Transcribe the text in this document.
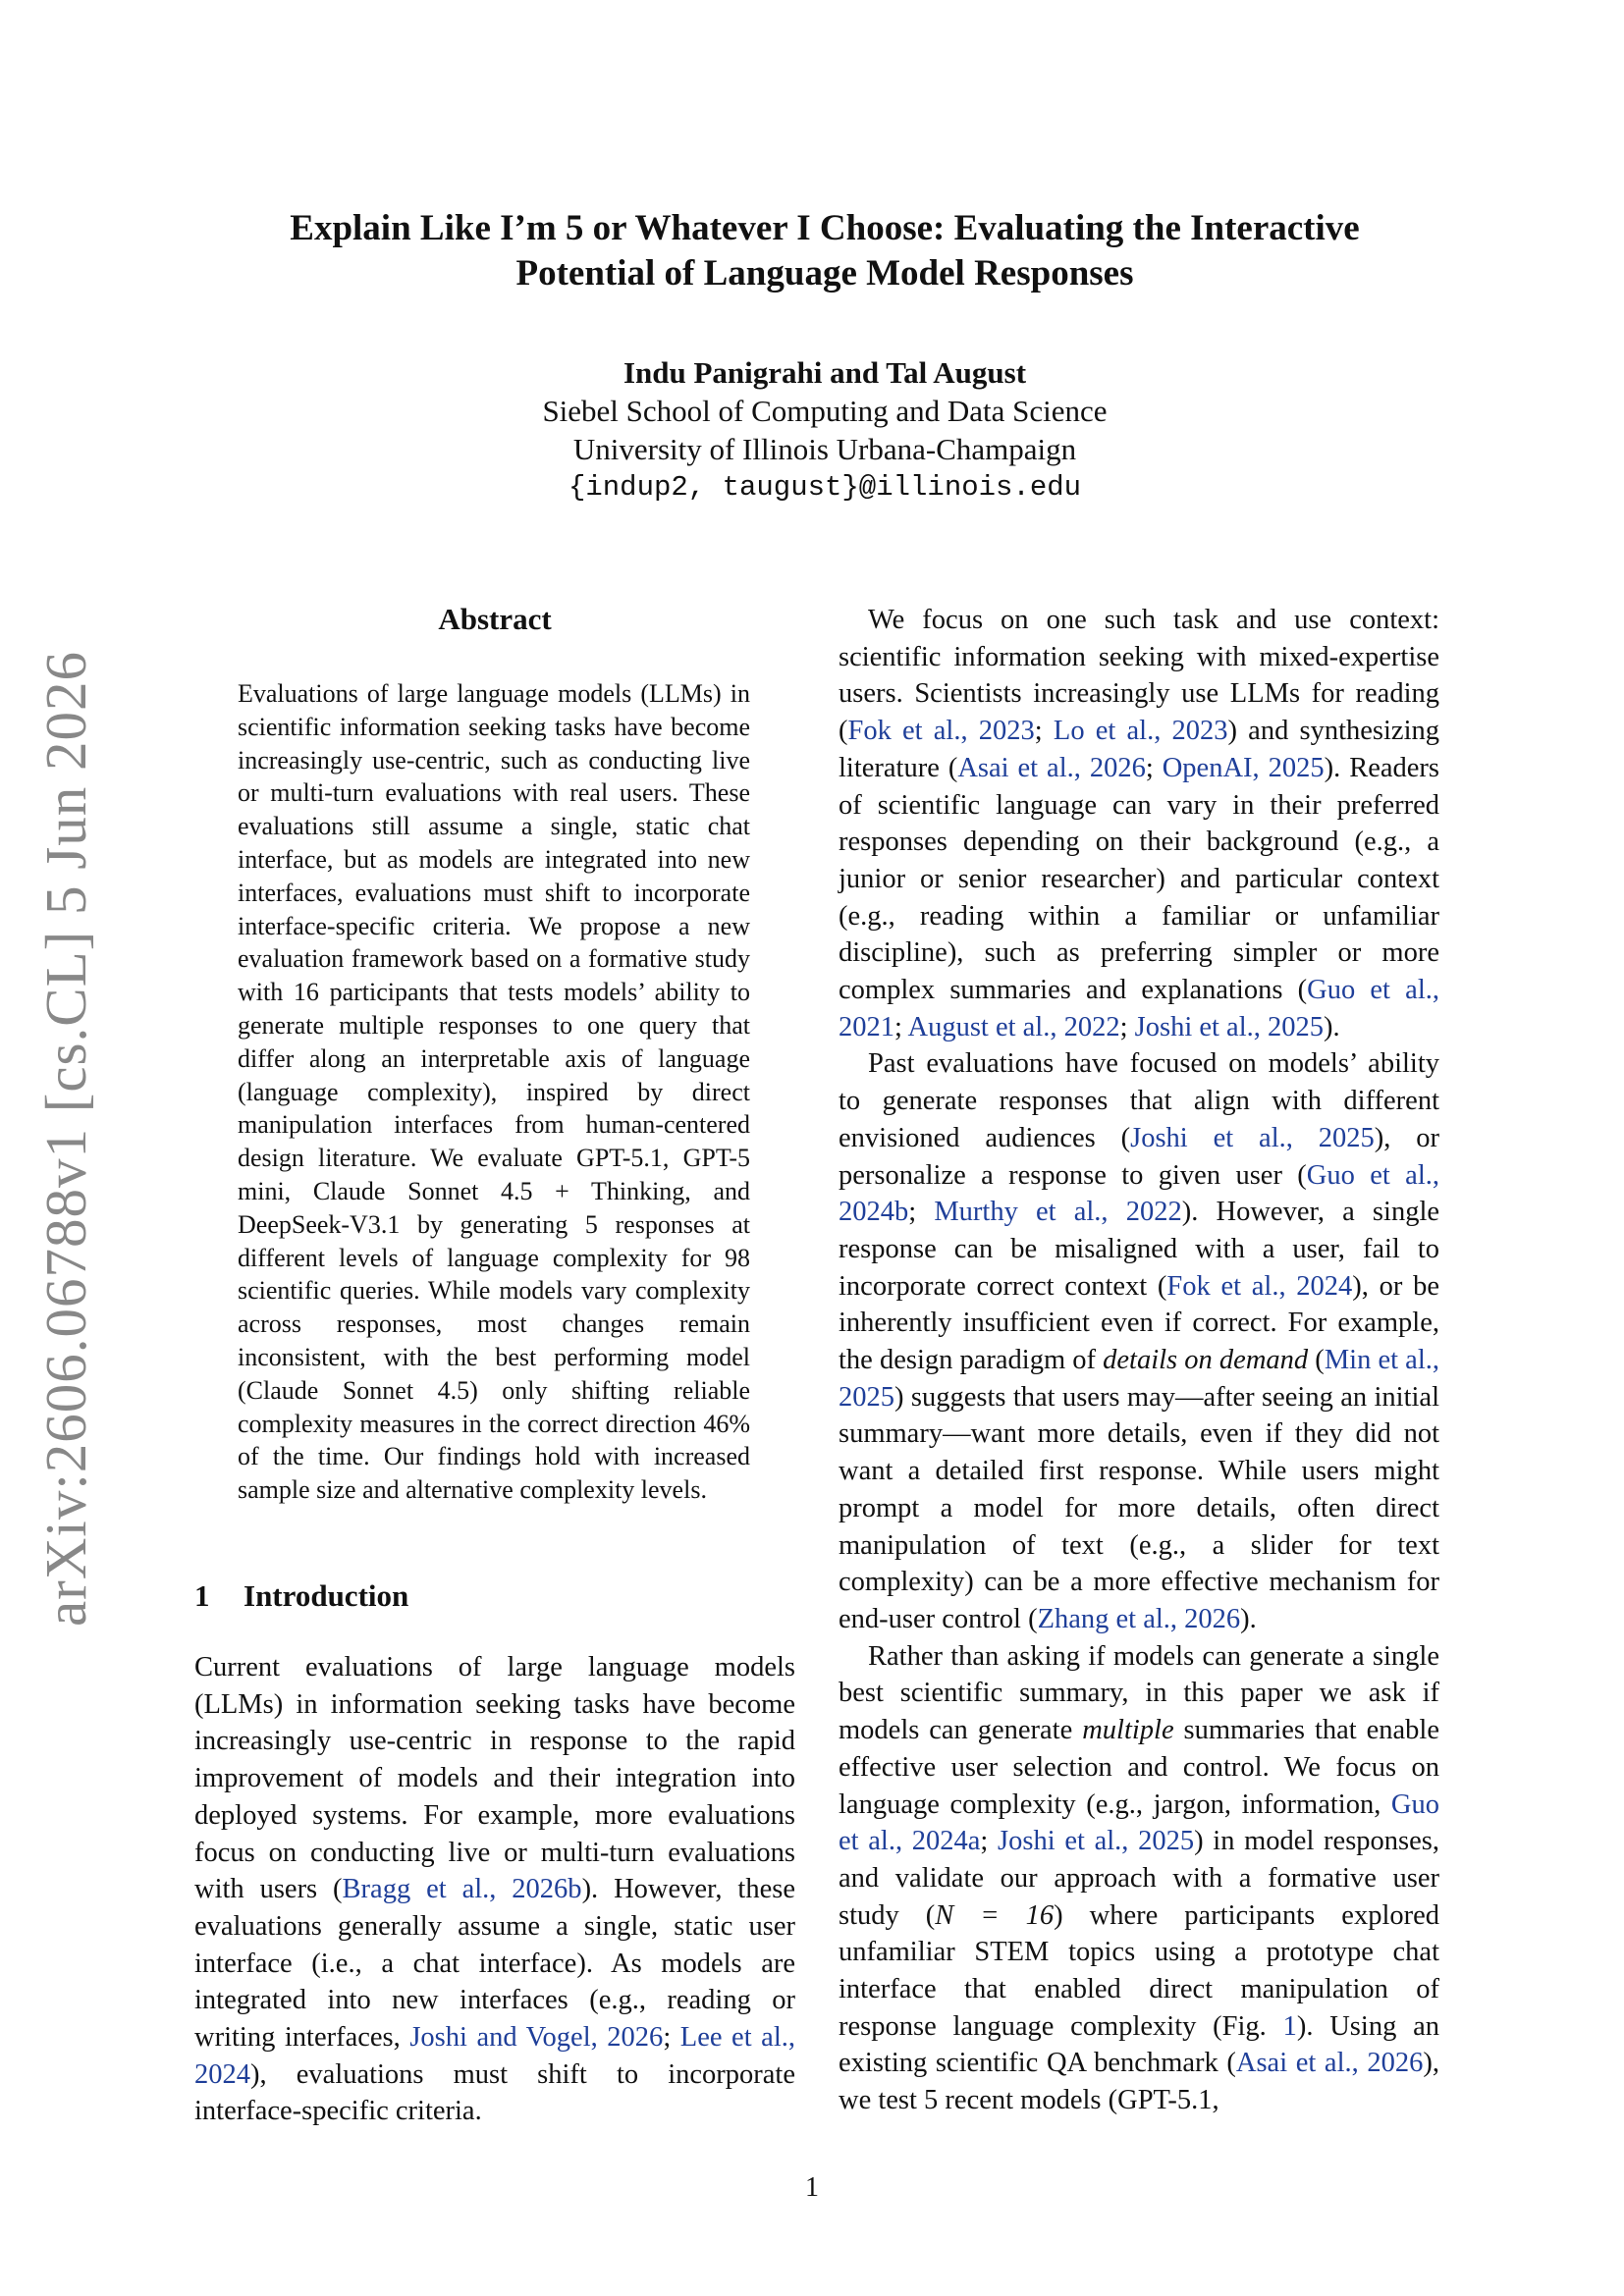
arXiv:2606.06788v1 [cs.CL] 5 Jun 2026
Explain Like I’m 5 or Whatever I Choose: Evaluating the Interactive
Potential of Language Model Responses
Indu Panigrahi and Tal August
Siebel School of Computing and Data Science
University of Illinois Urbana-Champaign
{indup2, taugust}@illinois.edu
Abstract
Evaluations of large language models (LLMs) in scientific information seeking tasks have become increasingly use-centric, such as conducting live or multi-turn evaluations with real users. These evaluations still assume a single, static chat interface, but as models are integrated into new interfaces, evaluations must shift to incorporate interface-specific criteria. We propose a new evaluation framework based on a formative study with 16 participants that tests models’ ability to generate multiple responses to one query that differ along an interpretable axis of language (language complexity), inspired by direct manipulation interfaces from human-centered design literature. We evaluate GPT-5.1, GPT-5 mini, Claude Sonnet 4.5 + Thinking, and DeepSeek-V3.1 by generating 5 responses at different levels of language complexity for 98 scientific queries. While models vary complexity across responses, most changes remain inconsistent, with the best performing model (Claude Sonnet 4.5) only shifting reliable complexity measures in the correct direction 46% of the time. Our findings hold with increased sample size and alternative complexity levels.
1 Introduction

Current evaluations of large language models (LLMs) in information seeking tasks have become increasingly use-centric in response to the rapid improvement of models and their integration into deployed systems. For example, more evaluations focus on conducting live or multi-turn evaluations with users (Bragg et al., 2026b). However, these evaluations generally assume a single, static user interface (i.e., a chat interface). As models are integrated into new interfaces (e.g., reading or writing interfaces, Joshi and Vogel, 2026; Lee et al., 2024), evaluations must shift to incorporate interface-specific criteria.

We focus on one such task and use context: scientific information seeking with mixed-expertise users. Scientists increasingly use LLMs for reading (Fok et al., 2023; Lo et al., 2023) and synthesizing literature (Asai et al., 2026; OpenAI, 2025). Readers of scientific language can vary in their preferred responses depending on their background (e.g., a junior or senior researcher) and particular context (e.g., reading within a familiar or unfamiliar discipline), such as preferring simpler or more complex summaries and explanations (Guo et al., 2021; August et al., 2022; Joshi et al., 2025).

Past evaluations have focused on models’ ability to generate responses that align with different envisioned audiences (Joshi et al., 2025), or personalize a response to given user (Guo et al., 2024b; Murthy et al., 2022). However, a single response can be misaligned with a user, fail to incorporate correct context (Fok et al., 2024), or be inherently insufficient even if correct. For example, the design paradigm of details on demand (Min et al., 2025) suggests that users may—after seeing an initial summary—want more details, even if they did not want a detailed first response. While users might prompt a model for more details, often direct manipulation of text (e.g., a slider for text complexity) can be a more effective mechanism for end-user control (Zhang et al., 2026).

Rather than asking if models can generate a single best scientific summary, in this paper we ask if models can generate multiple summaries that enable effective user selection and control. We focus on language complexity (e.g., jargon, information, Guo et al., 2024a; Joshi et al., 2025) in model responses, and validate our approach with a formative user study (N = 16) where participants explored unfamiliar STEM topics using a prototype chat interface that enabled direct manipulation of response language complexity (Fig. 1). Using an existing scientific QA benchmark (Asai et al., 2026), we test 5 recent models (GPT-5.1,

1
